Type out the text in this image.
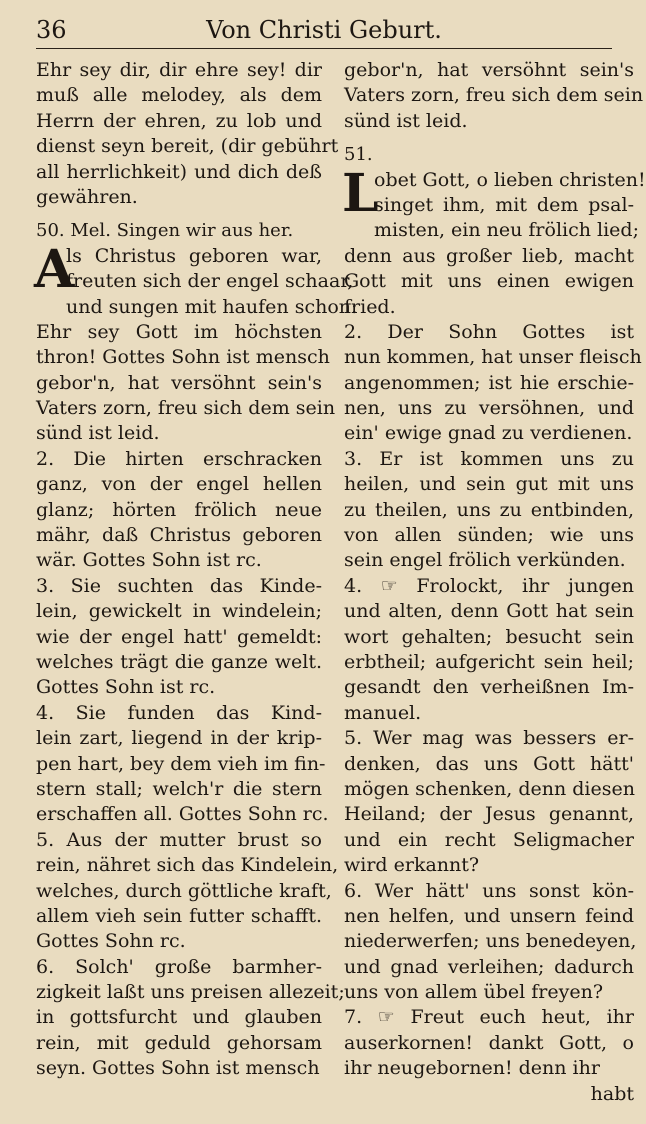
36	Von Christi Geburt.
Ehr sey dir, dir ehre sey! dir
muß alle melodey, als dem
Herrn der ehren, zu lob und
dienst seyn bereit, (dir gebührt
all herrlichkeit) und dich deß
gewähren.
50. Mel. Singen wir aus her.
A
ls Christus geboren war,
freuten sich der engel schaar,
und sungen mit haufen schon:
Ehr sey Gott im höchsten
thron! Gottes Sohn ist mensch
gebor'n, hat versöhnt sein's
Vaters zorn, freu sich dem sein
sünd ist leid.
2. Die hirten erschracken
ganz, von der engel hellen
glanz; hörten frölich neue
mähr, daß Christus geboren
wär. Gottes Sohn ist rc.
3. Sie suchten das Kinde-
lein, gewickelt in windelein;
wie der engel hatt' gemeldt:
welches trägt die ganze welt.
Gottes Sohn ist rc.
4. Sie funden das Kind-
lein zart, liegend in der krip-
pen hart, bey dem vieh im fin-
stern stall; welch'r die stern
erschaffen all. Gottes Sohn rc.
5. Aus der mutter brust so
rein, nähret sich das Kindelein,
welches, durch göttliche kraft,
allem vieh sein futter schafft.
Gottes Sohn rc.
6. Solch' große barmher-
zigkeit laßt uns preisen allezeit;
in gottsfurcht und glauben
rein, mit geduld gehorsam
seyn. Gottes Sohn ist mensch
gebor'n, hat versöhnt sein's
Vaters zorn, freu sich dem sein
sünd ist leid.
51.
L
obet Gott, o lieben christen!
singet ihm, mit dem psal-
misten, ein neu frölich lied;
denn aus großer lieb, macht
Gott mit uns einen ewigen
fried.
2. Der Sohn Gottes ist
nun kommen, hat unser fleisch
angenommen; ist hie erschie-
nen, uns zu versöhnen, und
ein' ewige gnad zu verdienen.
3. Er ist kommen uns zu
heilen, und sein gut mit uns
zu theilen, uns zu entbinden,
von allen sünden; wie uns
sein engel frölich verkünden.
4. ☞ Frolockt, ihr jungen
und alten, denn Gott hat sein
wort gehalten; besucht sein
erbtheil; aufgericht sein heil;
gesandt den verheißnen Im-
manuel.
5. Wer mag was bessers er-
denken, das uns Gott hätt'
mögen schenken, denn diesen
Heiland; der Jesus genannt,
und ein recht Seligmacher
wird erkannt?
6. Wer hätt' uns sonst kön-
nen helfen, und unsern feind
niederwerfen; uns benedeyen,
und gnad verleihen; dadurch
uns von allem übel freyen?
7. ☞ Freut euch heut, ihr
auserkornen! dankt Gott, o
ihr neugebornen! denn ihr
habt
